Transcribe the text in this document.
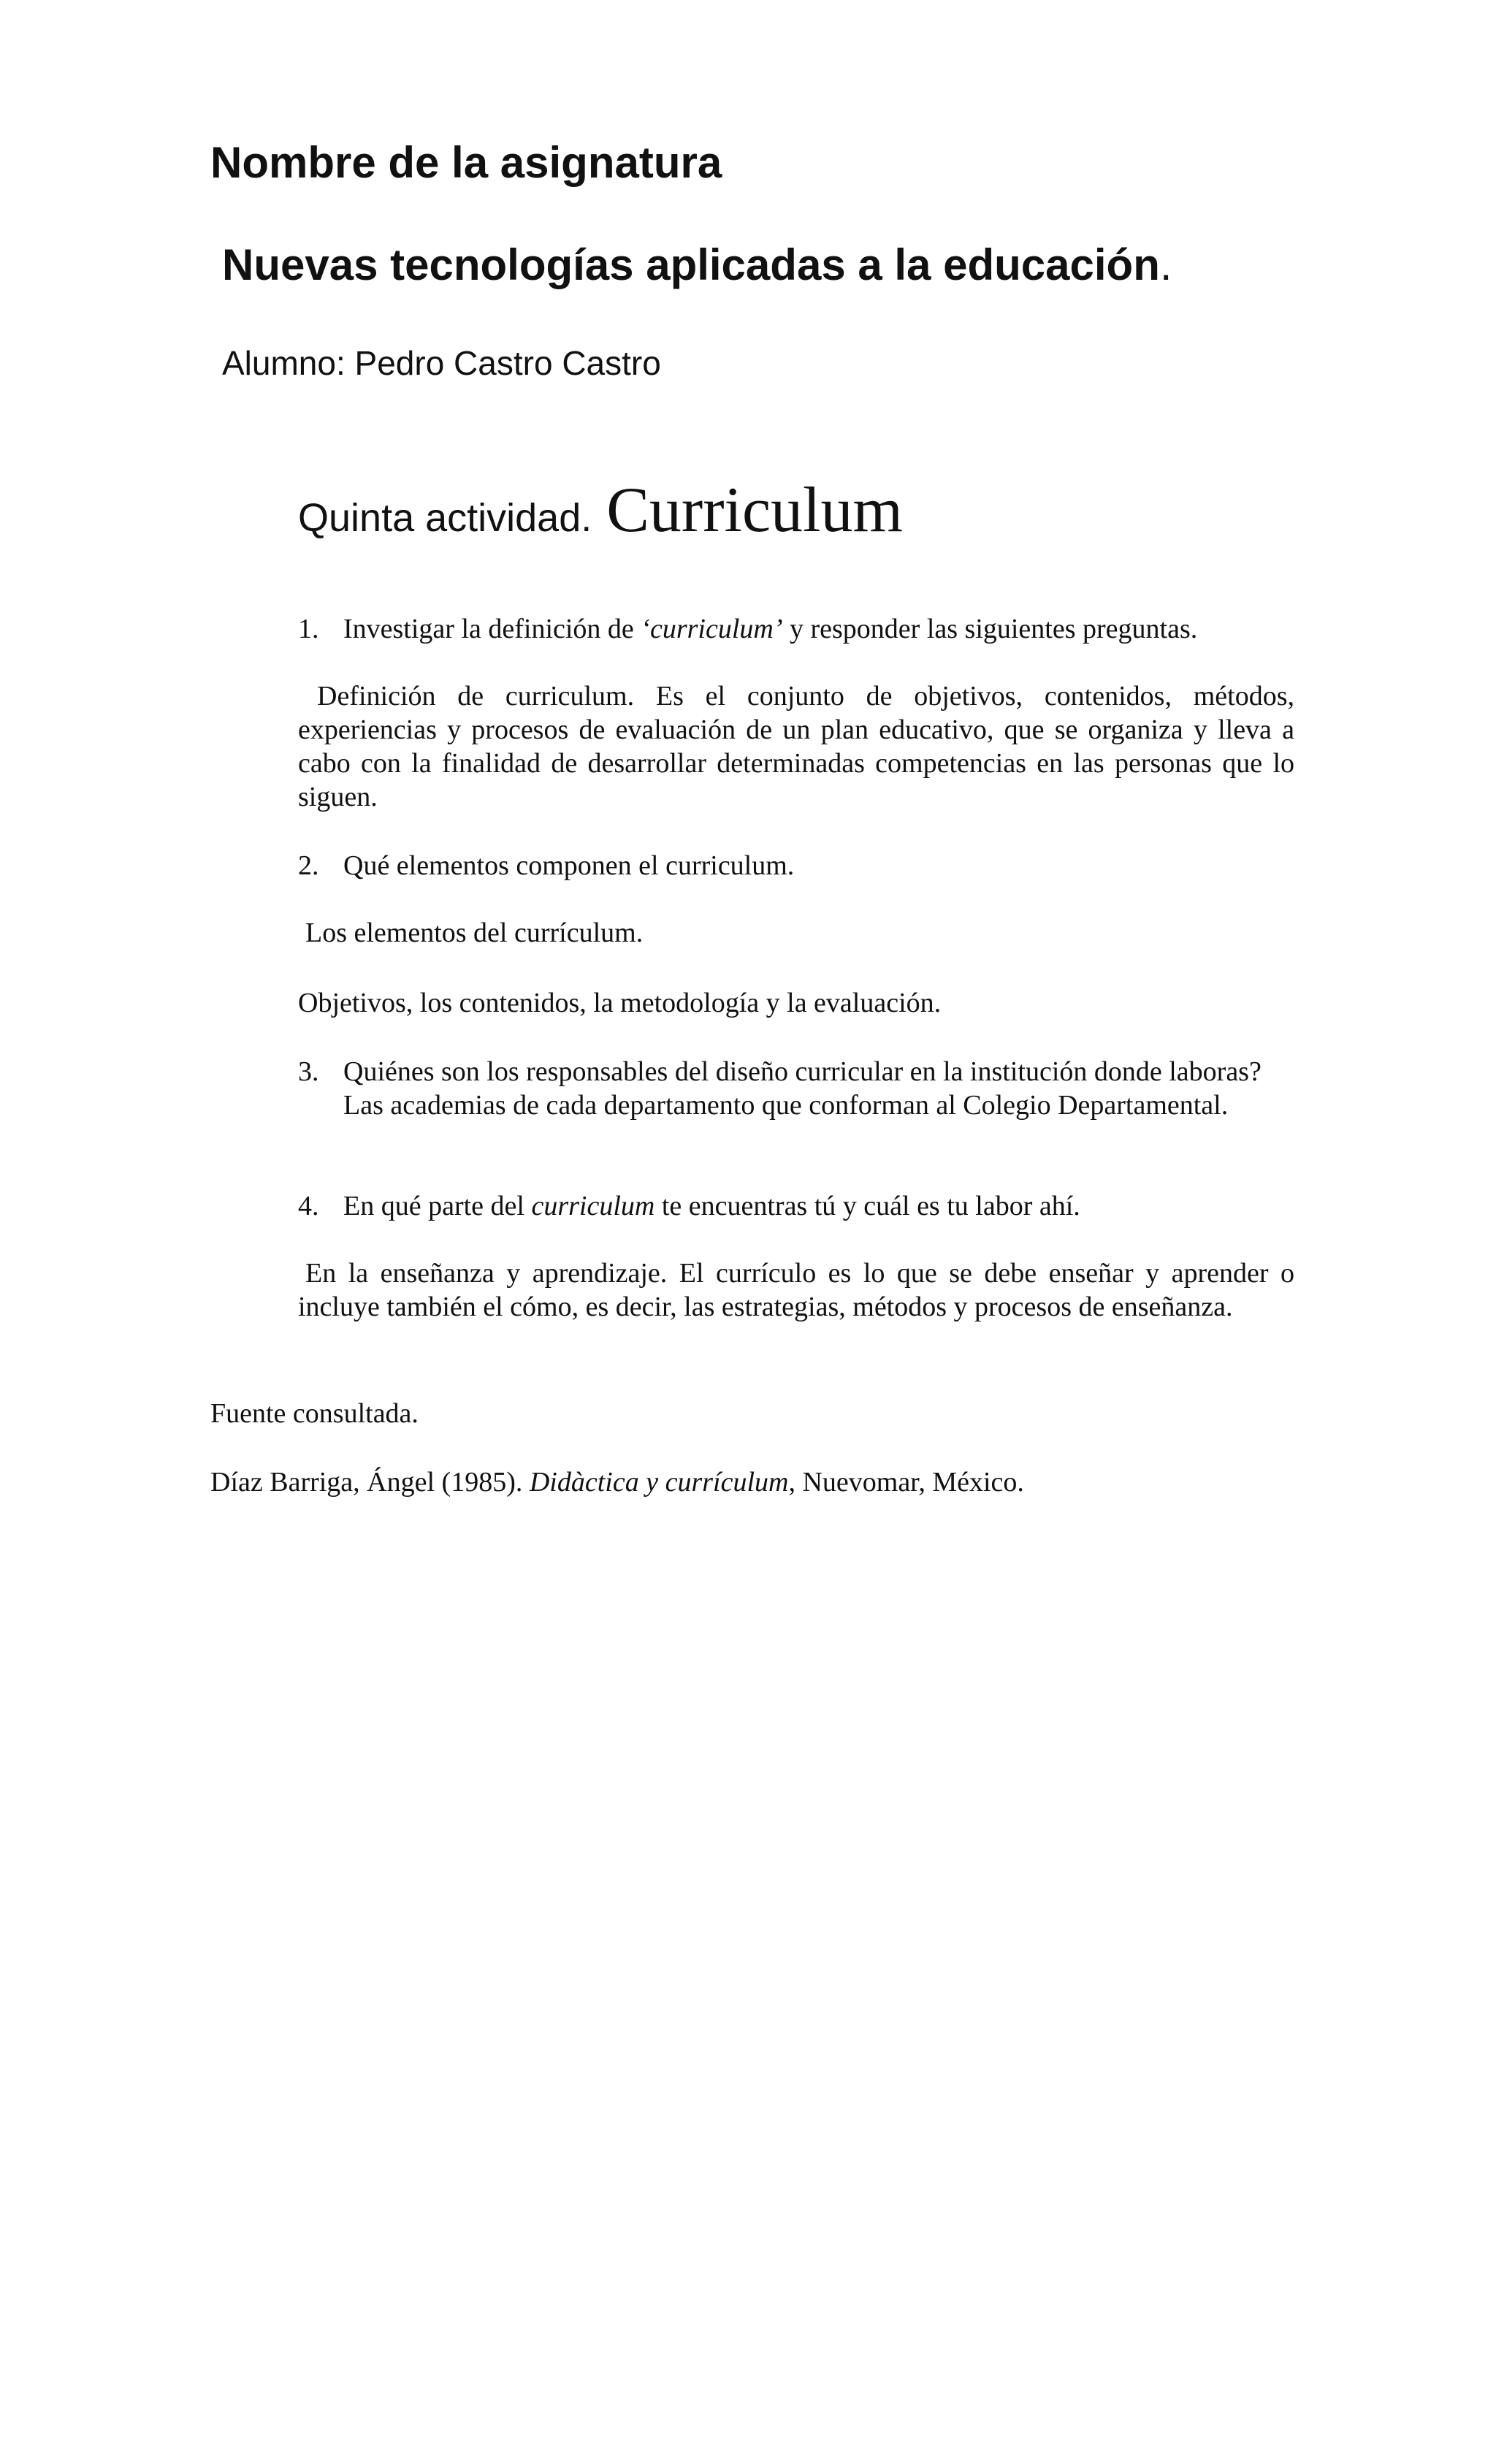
Nombre de la asignatura
Nuevas tecnologías aplicadas a la educación.
Alumno: Pedro Castro Castro
Quinta actividad. Curriculum
1. Investigar la definición de ‘curriculum’ y responder las siguientes preguntas.
Definición de curriculum. Es el conjunto de objetivos, contenidos, métodos, experiencias y procesos de evaluación de un plan educativo, que se organiza y lleva a cabo con la finalidad de desarrollar determinadas competencias en las personas que lo siguen.
2. Qué elementos componen el curriculum.
Los elementos del currículum.
Objetivos, los contenidos, la metodología y la evaluación.
3. Quiénes son los responsables del diseño curricular en la institución donde laboras?
Las academias de cada departamento que conforman al Colegio Departamental.
4. En qué parte del curriculum te encuentras tú y cuál es tu labor ahí.
En la enseñanza y aprendizaje. El currículo es lo que se debe enseñar y aprender o incluye también el cómo, es decir, las estrategias, métodos y procesos de enseñanza.
Fuente consultada.
Díaz Barriga, Ángel (1985). Didàctica y currículum, Nuevomar, México.
